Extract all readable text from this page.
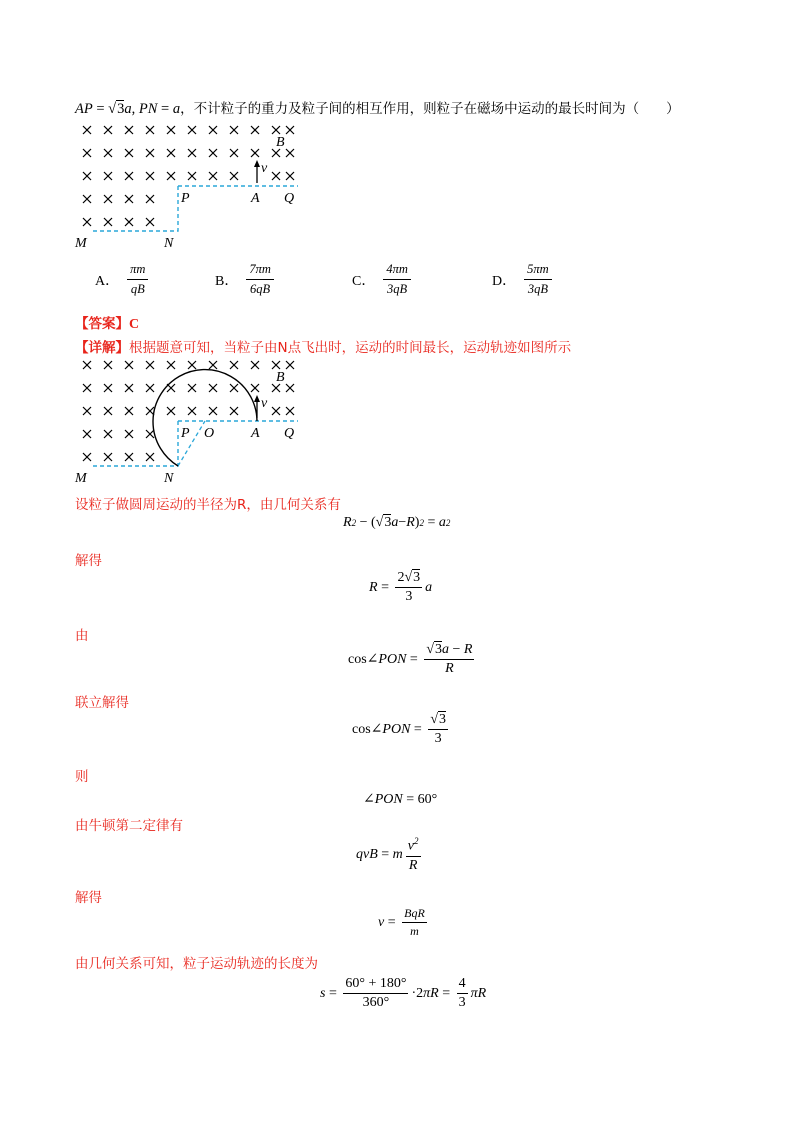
AP = √3a, PN = a，不计粒子的重力及粒子间的相互作用，则粒子在磁场中运动的最长时间为（　　）
v
B
P	A Q
M	N
A． $\frac{\pi m}{qB}$	B． $\frac{7\pi m}{6qB}$	C． $\frac{4\pi m}{3qB}$	D． $\frac{5\pi m}{3qB}$
【答案】C
【详解】根据题意可知，当粒子由N点飞出时，运动的时间最长，运动轨迹如图所示
v
B
P O	A Q
M	N
设粒子做圆周运动的半径为R，由几何关系有
解得
由
联立解得
则
由牛顿第二定律有
解得
由几何关系可知，粒子运动轨迹的长度为
R 2
− ( √ 3 a − R ) 2 = a 2
$R = \frac{2√3}{3}$ a
cos∠ PON = $\frac{√3a - R}{R}$
cos∠ PON = $\frac{√3}{3}$
∠ PON = 60°
qvB = m $\frac{v^2}{R}$
v =
BqR
m
$s = \frac{60^\circ + 180^\circ}{360^\circ} \cdot 2$ $\pi R = \frac{4}{3}$ πR
